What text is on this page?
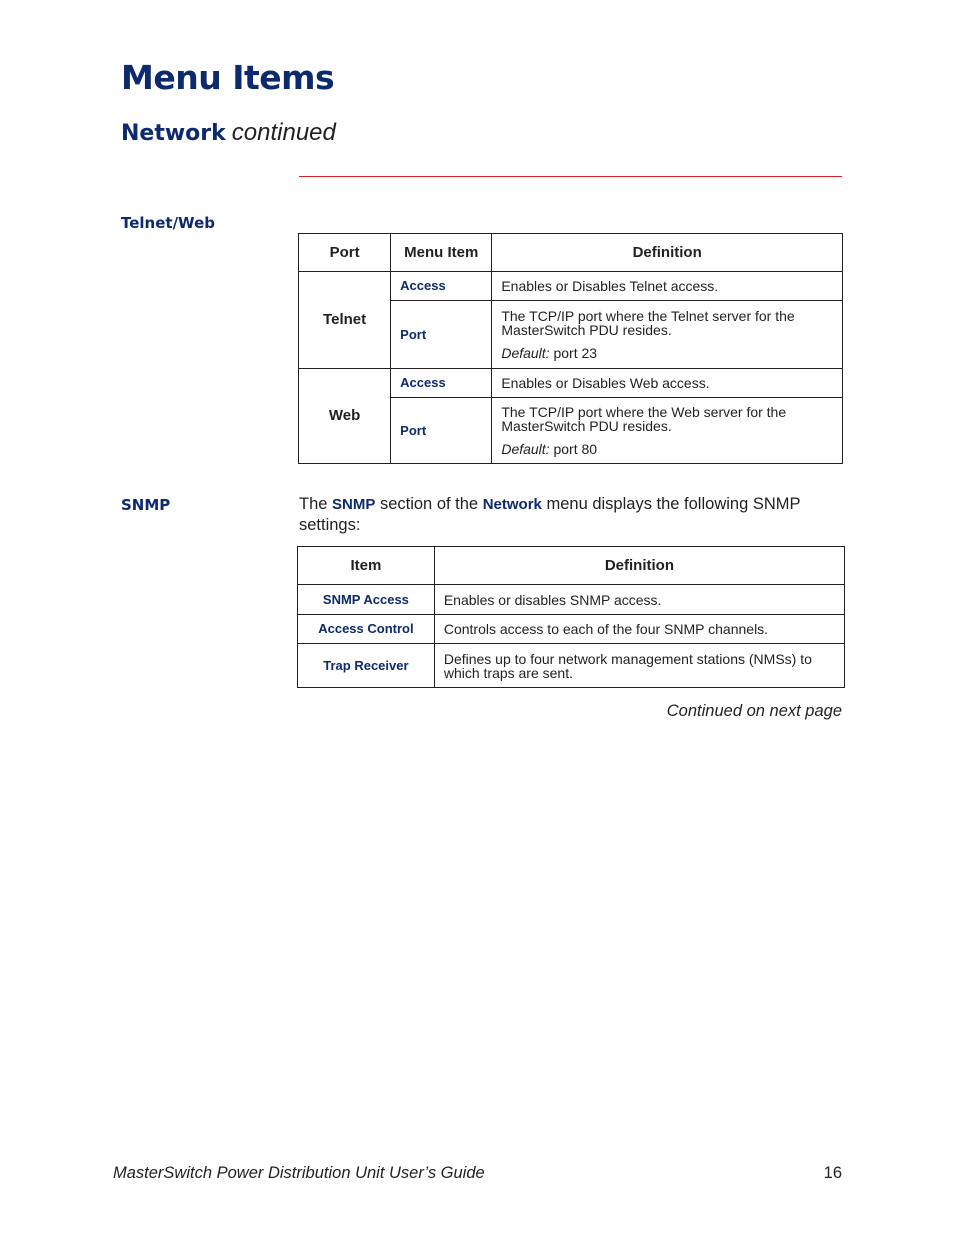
Menu Items
Network continued
Telnet/Web
Port	Menu Item	Definition
Telnet	Access	Enables or Disables Telnet access.
	Port	The TCP/IP port where the Telnet server for the MasterSwitch PDU resides.
Default: port 23

Web	Access	Enables or Disables Web access.
	Port	The TCP/IP port where the Web server for the MasterSwitch PDU resides.
Default: port 80
SNMP	The SNMP section of the Network menu displays the following SNMP settings:

Item	Definition
SNMP Access	Enables or disables SNMP access.
Access Control	Controls access to each of the four SNMP channels.
Trap Receiver	Defines up to four network management stations (NMSs) to which traps are sent.
Continued on next page
MasterSwitch Power Distribution Unit User’s Guide	16
